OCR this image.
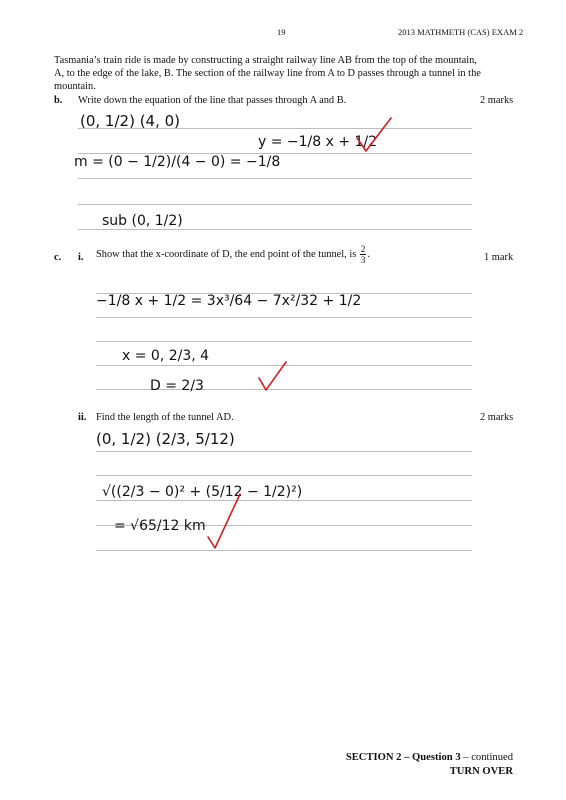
19	2013 MATHMETH (CAS) EXAM 2
Tasmania’s train ride is made by constructing a straight railway line AB from the top of the mountain, A, to the edge of the lake, B. The section of the railway line from A to D passes through a tunnel in the mountain.
b. Write down the equation of the line that passes through A and B.	2 marks
c. i. Show that the x-coordinate of D, the end point of the tunnel, is $\frac{2}{3}$ .	1 mark
ii. Find the length of the tunnel AD.	2 marks
(0, 1/2) (4, 0)
m = (0 − 1/2)/(4 − 0) = −1/8
y = −1/8 x + 1/2
sub (0, 1/2)
−1/8 x + 1/2 = 3x³/64 − 7x²/32 + 1/2
x = 0, 2/3, 4
D = 2/3
(0, 1/2) (2/3, 5/12)
√((2/3 − 0)² + (5/12 − 1/2)²)
= √65/12 km
SECTION 2 – Question 3 – continued
TURN OVER
